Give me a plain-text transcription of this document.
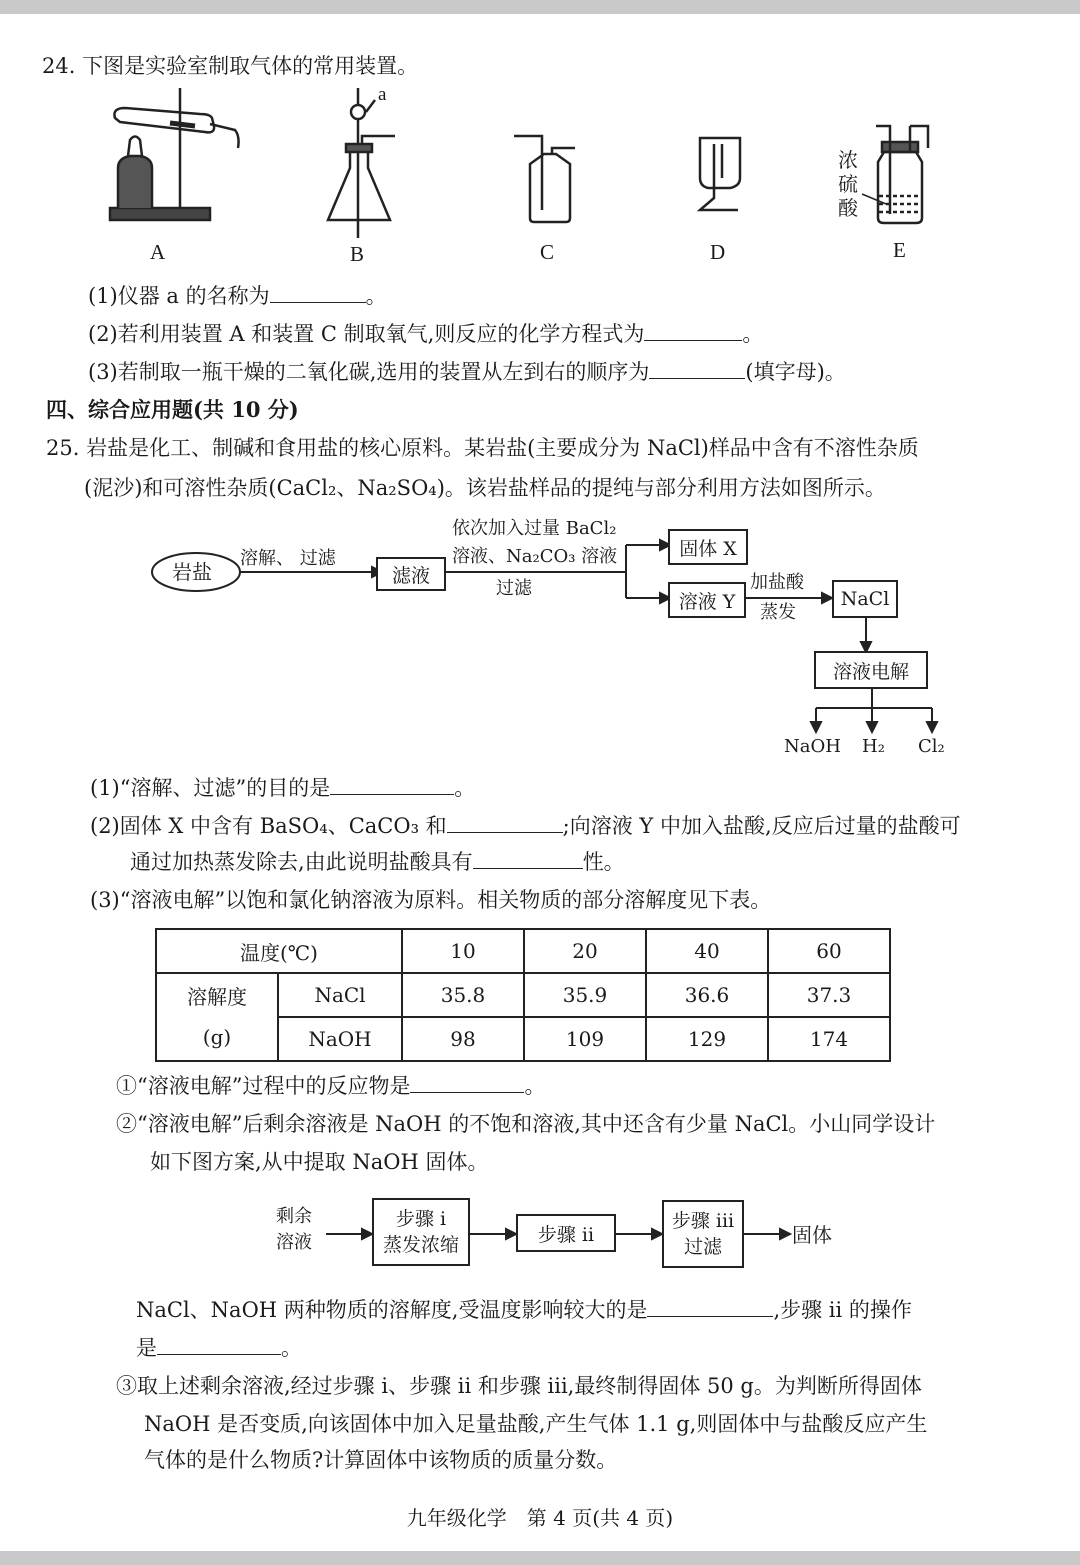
24. 下图是实验室制取气体的常用装置。
a
浓硫酸
A	B	C	D	E
(1)仪器 a 的名称为	。
(2)若利用装置 A 和装置 C 制取氧气,则反应的化学方程式为	。
(3)若制取一瓶干燥的二氧化碳,选用的装置从左到右的顺序为	(填字母)。
四、综合应用题(共 10 分)
25. 岩盐是化工、制碱和食用盐的核心原料。某岩盐(主要成分为 NaCl)样品中含有不溶性杂质
(泥沙)和可溶性杂质(CaCl₂、Na₂SO₄)。该岩盐样品的提纯与部分利用方法如图所示。
岩盐
溶解、 过滤
滤液
依次加入过量 BaCl₂
溶液、Na₂CO₃ 溶液
过滤
固体 X
溶液 Y
加盐酸
蒸发
NaCl
溶液电解
NaOH H₂ Cl₂
(1)“溶解、过滤”的目的是	。
(2)固体 X 中含有 BaSO₄、CaCO₃ 和	;向溶液 Y 中加入盐酸,反应后过量的盐酸可
通过加热蒸发除去,由此说明盐酸具有	性。
(3)“溶液电解”以饱和氯化钠溶液为原料。相关物质的部分溶解度见下表。
温度(℃)		10	20	40	60

溶解度
(g)	NaCl	35.8	35.9	36.6	37.3
	NaOH	98	109	129	174
①“溶液电解”过程中的反应物是	。
②“溶液电解”后剩余溶液是 NaOH 的不饱和溶液,其中还含有少量 NaCl。小山同学设计
如下图方案,从中提取 NaOH 固体。
剩余
溶液
步骤 i
蒸发浓缩	步骤 ii
步骤 iii
过滤	固体
NaCl、NaOH 两种物质的溶解度,受温度影响较大的是	,步骤 ii 的操作
是	。
③取上述剩余溶液,经过步骤 i、步骤 ii 和步骤 iii,最终制得固体 50 g。为判断所得固体
NaOH 是否变质,向该固体中加入足量盐酸,产生气体 1.1 g,则固体中与盐酸反应产生
气体的是什么物质?计算固体中该物质的质量分数。
九年级化学　第 4 页(共 4 页)
